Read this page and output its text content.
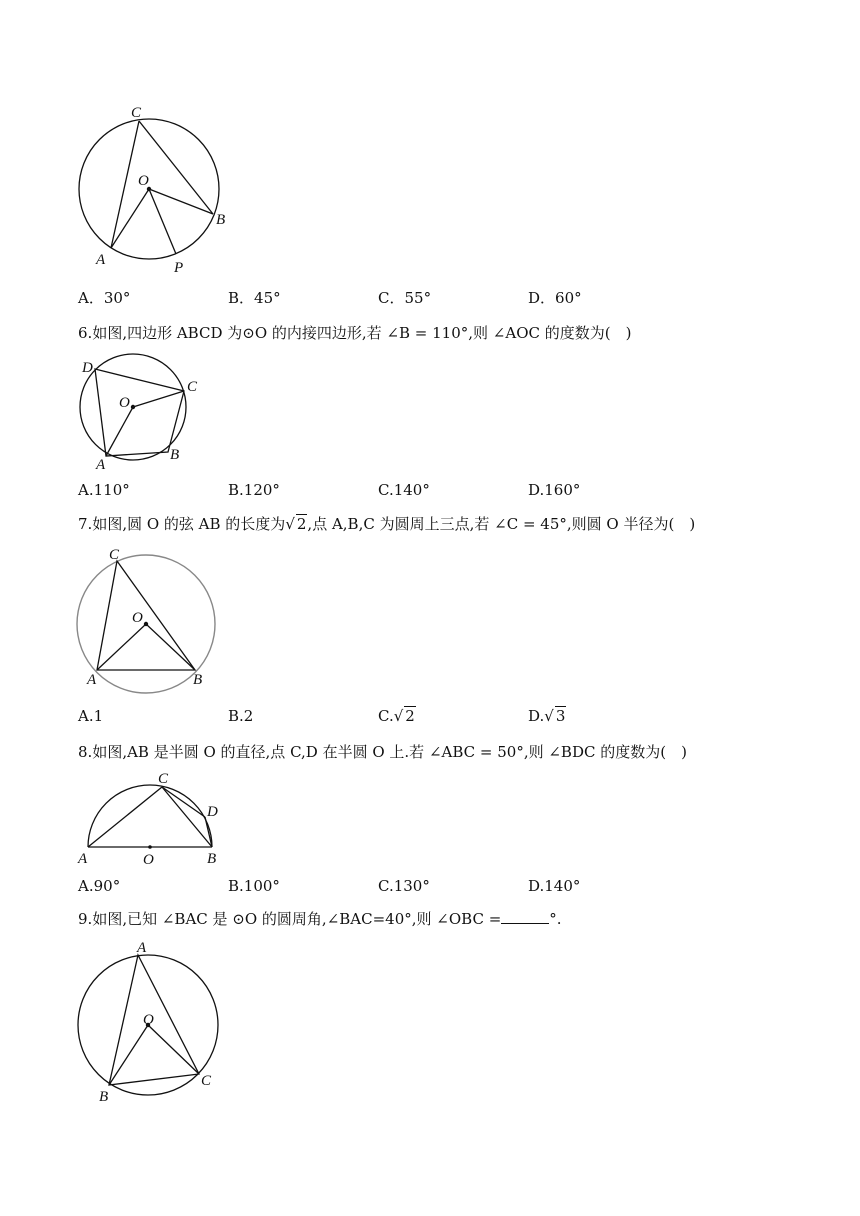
C
O
B
A	P
A．30°	B．45°	C．55°	D．60°
6.如图,四边形 ABCD 为⊙O 的内接四边形,若 ∠B = 110°,则 ∠AOC 的度数为(　)
D
C
O
A
B
A.110°	B.120°	C.140°	D.160°
7.如图,圆 O 的弦 AB 的长度为√ 2,点 A,B,C 为圆周上三点,若 ∠C = 45°,则圆 O 半径为(　)
C
O
A	B
A.1	B.2	C.√ 2	D.√ 3
8.如图,AB 是半圆 O 的直径,点 C,D 在半圆 O 上.若 ∠ABC = 50°,则 ∠BDC 的度数为(　)
C
D
A	O	B
A.90°	B.100°	C.130°	D.140°
9.如图,已知 ∠BAC 是 ⊙O 的圆周角,∠BAC=40°,则 ∠OBC =	°.
A
O
B
C
